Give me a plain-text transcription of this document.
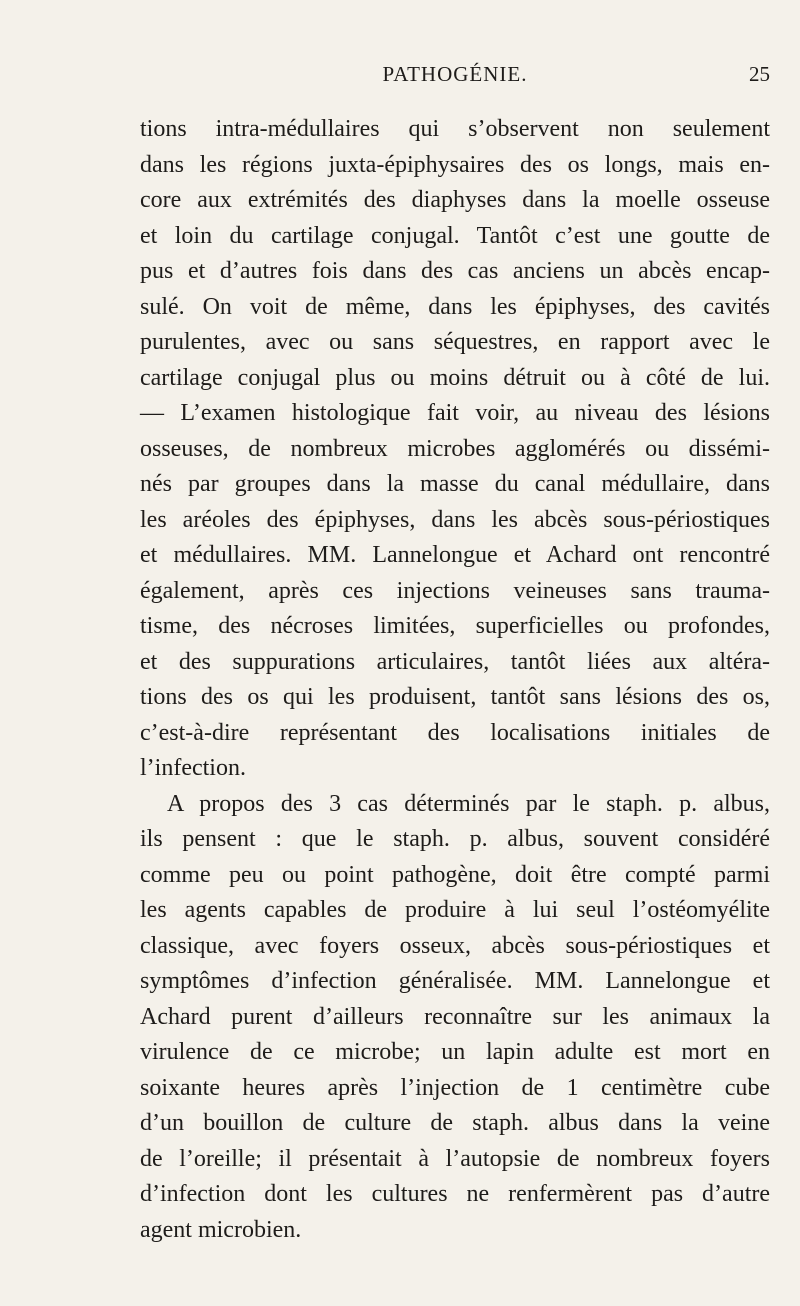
PATHOGÉNIE.	25
tions intra-médullaires qui s’observent non seulement
dans les régions juxta-épiphysaires des os longs, mais en-
core aux extrémités des diaphyses dans la moelle osseuse
et loin du cartilage conjugal. Tantôt c’est une goutte de
pus et d’autres fois dans des cas anciens un abcès encap-
sulé. On voit de même, dans les épiphyses, des cavités
purulentes, avec ou sans séquestres, en rapport avec le
cartilage conjugal plus ou moins détruit ou à côté de lui.
— L’examen histologique fait voir, au niveau des lésions
osseuses, de nombreux microbes agglomérés ou dissémi-
nés par groupes dans la masse du canal médullaire, dans
les aréoles des épiphyses, dans les abcès sous-périostiques
et médullaires. MM. Lannelongue et Achard ont rencontré
également, après ces injections veineuses sans trauma-
tisme, des nécroses limitées, superficielles ou profondes,
et des suppurations articulaires, tantôt liées aux altéra-
tions des os qui les produisent, tantôt sans lésions des os,
c’est-à-dire représentant des localisations initiales de
l’infection.
A propos des 3 cas déterminés par le staph. p. albus,
ils pensent : que le staph. p. albus, souvent considéré
comme peu ou point pathogène, doit être compté parmi
les agents capables de produire à lui seul l’ostéomyélite
classique, avec foyers osseux, abcès sous-périostiques et
symptômes d’infection généralisée. MM. Lannelongue et
Achard purent d’ailleurs reconnaître sur les animaux la
virulence de ce microbe; un lapin adulte est mort en
soixante heures après l’injection de 1 centimètre cube
d’un bouillon de culture de staph. albus dans la veine
de l’oreille; il présentait à l’autopsie de nombreux foyers
d’infection dont les cultures ne renfermèrent pas d’autre
agent microbien.
